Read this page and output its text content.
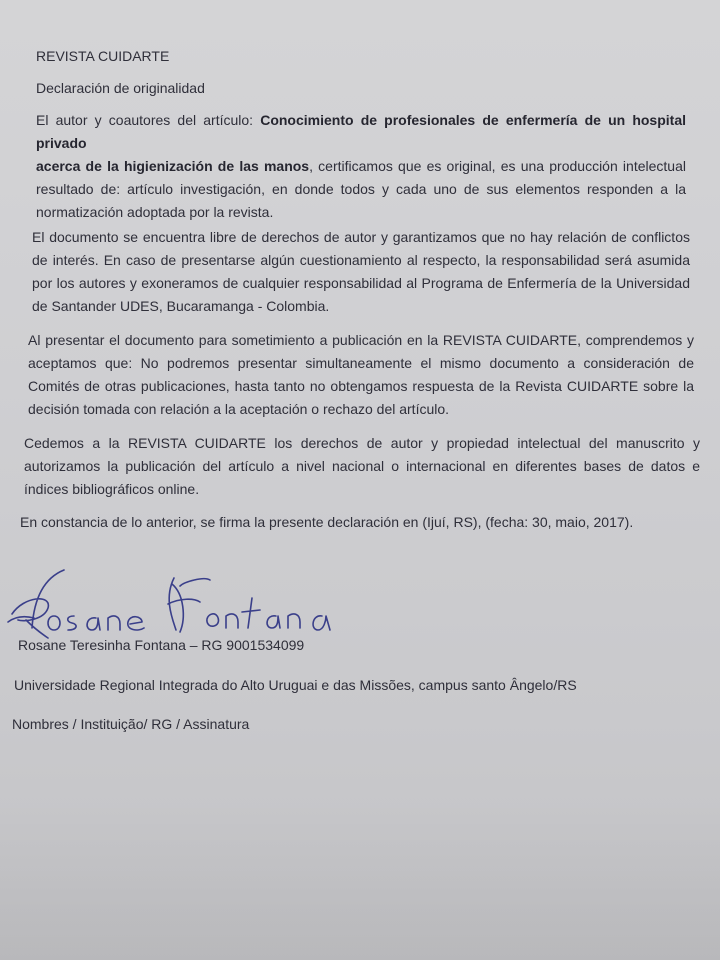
REVISTA CUIDARTE
Declaración de originalidad
El autor y coautores del artículo: Conocimiento de profesionales de enfermería de un hospital privado
acerca de la higienización de las manos, certificamos que es original, es una producción intelectual
resultado de: artículo investigación, en donde todos y cada uno de sus elementos responden a la
normatización adoptada por la revista.
El documento se encuentra libre de derechos de autor y garantizamos que no hay relación de conflictos
de interés. En caso de presentarse algún cuestionamiento al respecto, la responsabilidad será asumida
por los autores y exoneramos de cualquier responsabilidad al Programa de Enfermería de la Universidad
de Santander UDES, Bucaramanga - Colombia.
Al presentar el documento para sometimiento a publicación en la REVISTA CUIDARTE, comprendemos y
aceptamos que: No podremos presentar simultaneamente el mismo documento a consideración de
Comités de otras publicaciones, hasta tanto no obtengamos respuesta de la Revista CUIDARTE sobre la
decisión tomada con relación a la aceptación o rechazo del artículo.
Cedemos a la REVISTA CUIDARTE los derechos de autor y propiedad intelectual del manuscrito y
autorizamos la publicación del artículo a nivel nacional o internacional en diferentes bases de datos e
índices bibliográficos online.
En constancia de lo anterior, se firma la presente declaración en (Ijuí, RS), (fecha: 30, maio, 2017).
Rosane Teresinha Fontana – RG 9001534099
Universidade Regional Integrada do Alto Uruguai e das Missões, campus santo Ângelo/RS
Nombres / Instituição/ RG / Assinatura
